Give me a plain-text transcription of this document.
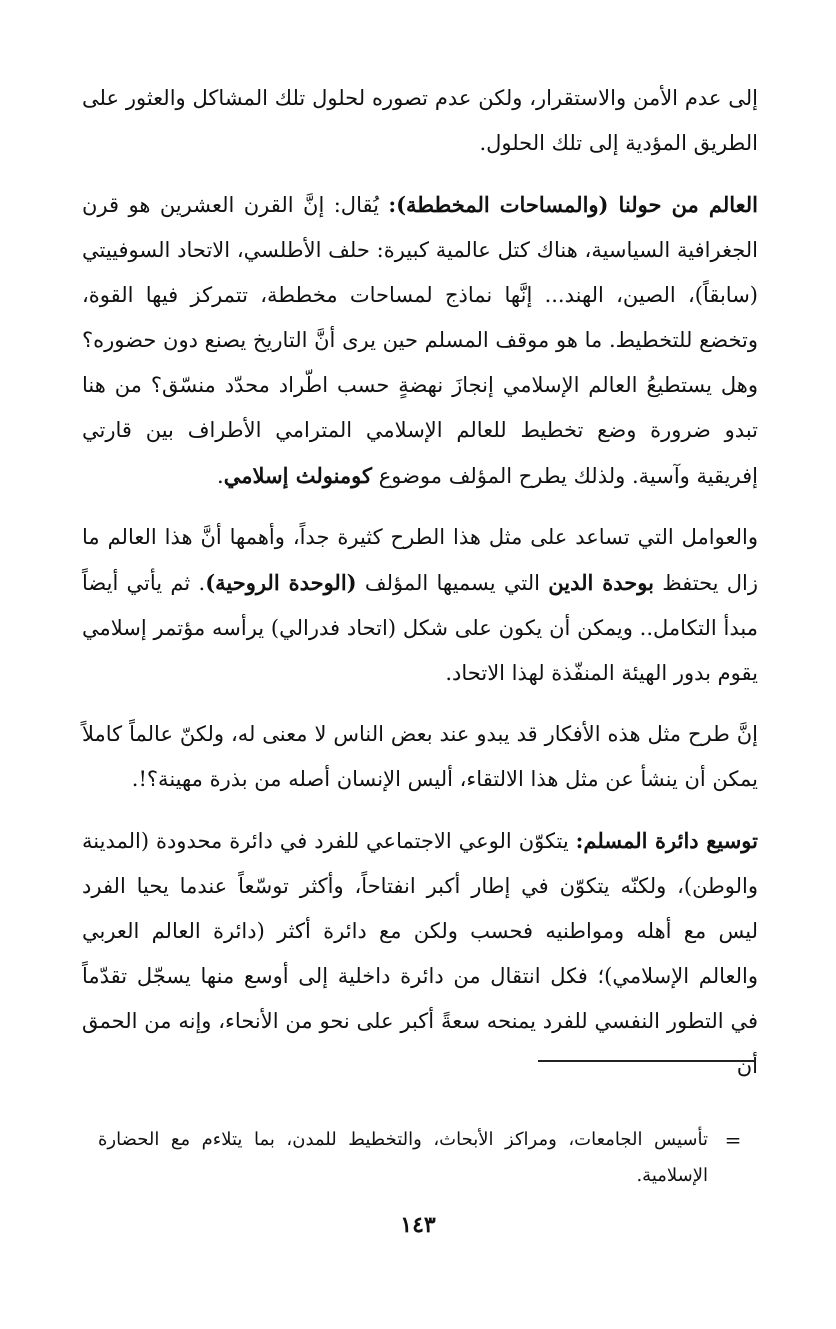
إلى عدم الأمن والاستقرار، ولكن عدم تصوره لحلول تلك المشاكل والعثور على الطريق المؤدية إلى تلك الحلول.

العالم من حولنا (والمساحات المخططة): يُقال: إنَّ القرن العشرين هو قرن الجغرافية السياسية، هناك كتل عالمية كبيرة: حلف الأطلسي، الاتحاد السوفييتي (سابقاً)، الصين، الهند... إنَّها نماذج لمساحات مخططة، تتمركز فيها القوة، وتخضع للتخطيط. ما هو موقف المسلم حين يرى أنَّ التاريخ يصنع دون حضوره؟ وهل يستطيعُ العالم الإسلامي إنجازَ نهضةٍ حسب اطّراد محدّد منسّق؟ من هنا تبدو ضرورة وضع تخطيط للعالم الإسلامي المترامي الأطراف بين قارتي إفريقية وآسية. ولذلك يطرح المؤلف موضوع كومنولث إسلامي.

والعوامل التي تساعد على مثل هذا الطرح كثيرة جداً، وأهمها أنَّ هذا العالم ما زال يحتفظ بوحدة الدين التي يسميها المؤلف (الوحدة الروحية). ثم يأتي أيضاً مبدأ التكامل.. ويمكن أن يكون على شكل (اتحاد فدرالي) يرأسه مؤتمر إسلامي يقوم بدور الهيئة المنفّذة لهذا الاتحاد.

إنَّ طرح مثل هذه الأفكار قد يبدو عند بعض الناس لا معنى له، ولكنّ عالماً كاملاً يمكن أن ينشأ عن مثل هذا الالتقاء، أليس الإنسان أصله من بذرة مهينة؟!.

توسيع دائرة المسلم: يتكوّن الوعي الاجتماعي للفرد في دائرة محدودة (المدينة والوطن)، ولكنّه يتكوّن في إطار أكبر انفتاحاً، وأكثر توسّعاً عندما يحيا الفرد ليس مع أهله ومواطنيه فحسب ولكن مع دائرة أكثر (دائرة العالم العربي والعالم الإسلامي)؛ فكل انتقال من دائرة داخلية إلى أوسع منها يسجّل تقدّماً في التطور النفسي للفرد يمنحه سعةً أكبر على نحو من الأنحاء، وإنه من الحمق أن

=
تأسيس الجامعات، ومراكز الأبحاث، والتخطيط للمدن، بما يتلاءم مع الحضارة الإسلامية.
١٤٣
